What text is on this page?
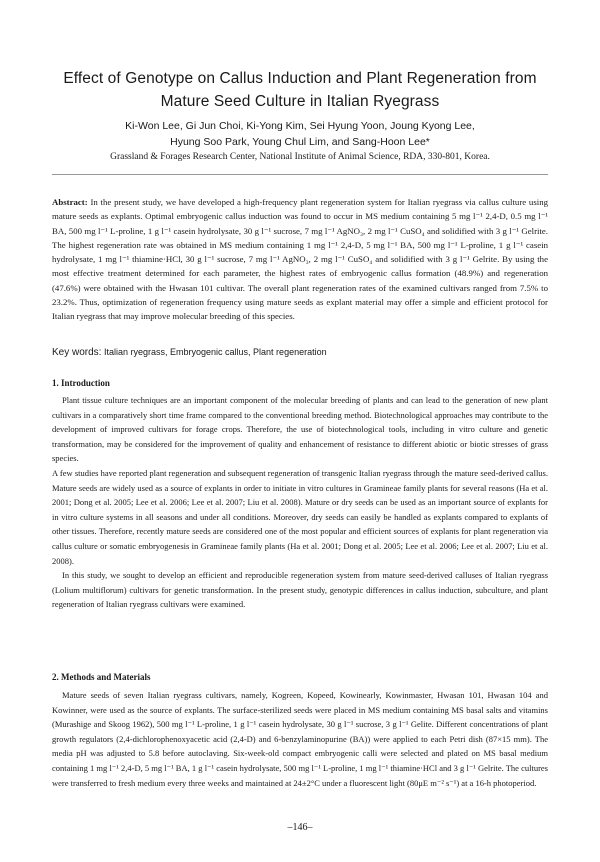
Effect of Genotype on Callus Induction and Plant Regeneration from
Mature Seed Culture in Italian Ryegrass
Ki-Won Lee, Gi Jun Choi, Ki-Yong Kim, Sei Hyung Yoon, Joung Kyong Lee,
Hyung Soo Park, Young Chul Lim, and Sang-Hoon Lee*
Grassland & Forages Research Center, National Institute of Animal Science, RDA, 330-801, Korea.
Abstract: In the present study, we have developed a high-frequency plant regeneration system for Italian ryegrass via callus culture using mature seeds as explants. Optimal embryogenic callus induction was found to occur in MS medium containing 5 mg l⁻¹ 2,4-D, 0.5 mg l⁻¹ BA, 500 mg l⁻¹ L-proline, 1 g l⁻¹ casein hydrolysate, 30 g l⁻¹ sucrose, 7 mg l⁻¹ AgNO₃, 2 mg l⁻¹ CuSO₄ and solidified with 3 g l⁻¹ Gelrite. The highest regeneration rate was obtained in MS medium containing 1 mg l⁻¹ 2,4-D, 5 mg l⁻¹ BA, 500 mg l⁻¹ L-proline, 1 g l⁻¹ casein hydrolysate, 1 mg l⁻¹ thiamine·HCl, 30 g l⁻¹ sucrose, 7 mg l⁻¹ AgNO₃, 2 mg l⁻¹ CuSO₄ and solidified with 3 g l⁻¹ Gelrite. By using the most effective treatment determined for each parameter, the highest rates of embryogenic callus formation (48.9%) and regeneration (47.6%) were obtained with the Hwasan 101 cultivar. The overall plant regeneration rates of the examined cultivars ranged from 7.5% to 23.2%. Thus, optimization of regeneration frequency using mature seeds as explant material may offer a simple and efficient protocol for Italian ryegrass that may improve molecular breeding of this species.
Key words: Italian ryegrass, Embryogenic callus, Plant regeneration
1. Introduction

Plant tissue culture techniques are an important component of the molecular breeding of plants and can lead to the generation of new plant cultivars in a comparatively short time frame compared to the conventional breeding method. Biotechnological approaches may contribute to the development of improved cultivars for forage crops. Therefore, the use of biotechnological tools, including in vitro culture and genetic transformation, may be considered for the improvement of quality and enhancement of resistance to different abiotic or biotic stresses of grass species.

A few studies have reported plant regeneration and subsequent regeneration of transgenic Italian ryegrass through the mature seed-derived callus. Mature seeds are widely used as a source of explants in order to initiate in vitro cultures in Gramineae family plants for several reasons (Ha et al. 2001; Dong et al. 2005; Lee et al. 2006; Lee et al. 2007; Liu et al. 2008). Mature or dry seeds can be used as an important source of explants for in vitro culture systems in all seasons and under all conditions. Moreover, dry seeds can easily be handled as explants compared to explants of other tissues. Therefore, recently mature seeds are considered one of the most popular and efficient sources of explants for plant regeneration via callus culture or somatic embryogenesis in Gramineae family plants (Ha et al. 2001; Dong et al. 2005; Lee et al. 2006; Lee et al. 2007; Liu et al. 2008).

In this study, we sought to develop an efficient and reproducible regeneration system from mature seed-derived calluses of Italian ryegrass (Lolium multiflorum) cultivars for genetic transformation. In the present study, genotypic differences in callus induction, subculture, and plant regeneration of Italian ryegrass cultivars were examined.

2. Methods and Materials

Mature seeds of seven Italian ryegrass cultivars, namely, Kogreen, Kopeed, Kowinearly, Kowinmaster, Hwasan 101, Hwasan 104 and Kowinner, were used as the source of explants. The surface-sterilized seeds were placed in MS medium containing MS basal salts and vitamins (Murashige and Skoog 1962), 500 mg l⁻¹ L-proline, 1 g l⁻¹ casein hydrolysate, 30 g l⁻¹ sucrose, 3 g l⁻¹ Gelite. Different concentrations of plant growth regulators (2,4-dichlorophenoxyacetic acid (2,4-D) and 6-benzylaminopurine (BA)) were applied to each Petri dish (87×15 mm). The media pH was adjusted to 5.8 before autoclaving. Six-week-old compact embryogenic calli were selected and plated on MS basal medium containing 1 mg l⁻¹ 2,4-D, 5 mg l⁻¹ BA, 1 g l⁻¹ casein hydrolysate, 500 mg l⁻¹ L-proline, 1 mg l⁻¹ thiamine·HCl and 3 g l⁻¹ Gelrite. The cultures were transferred to fresh medium every three weeks and maintained at 24±2°C under a fluorescent light (80μE m⁻² s⁻¹) at a 16-h photoperiod.

–146–
